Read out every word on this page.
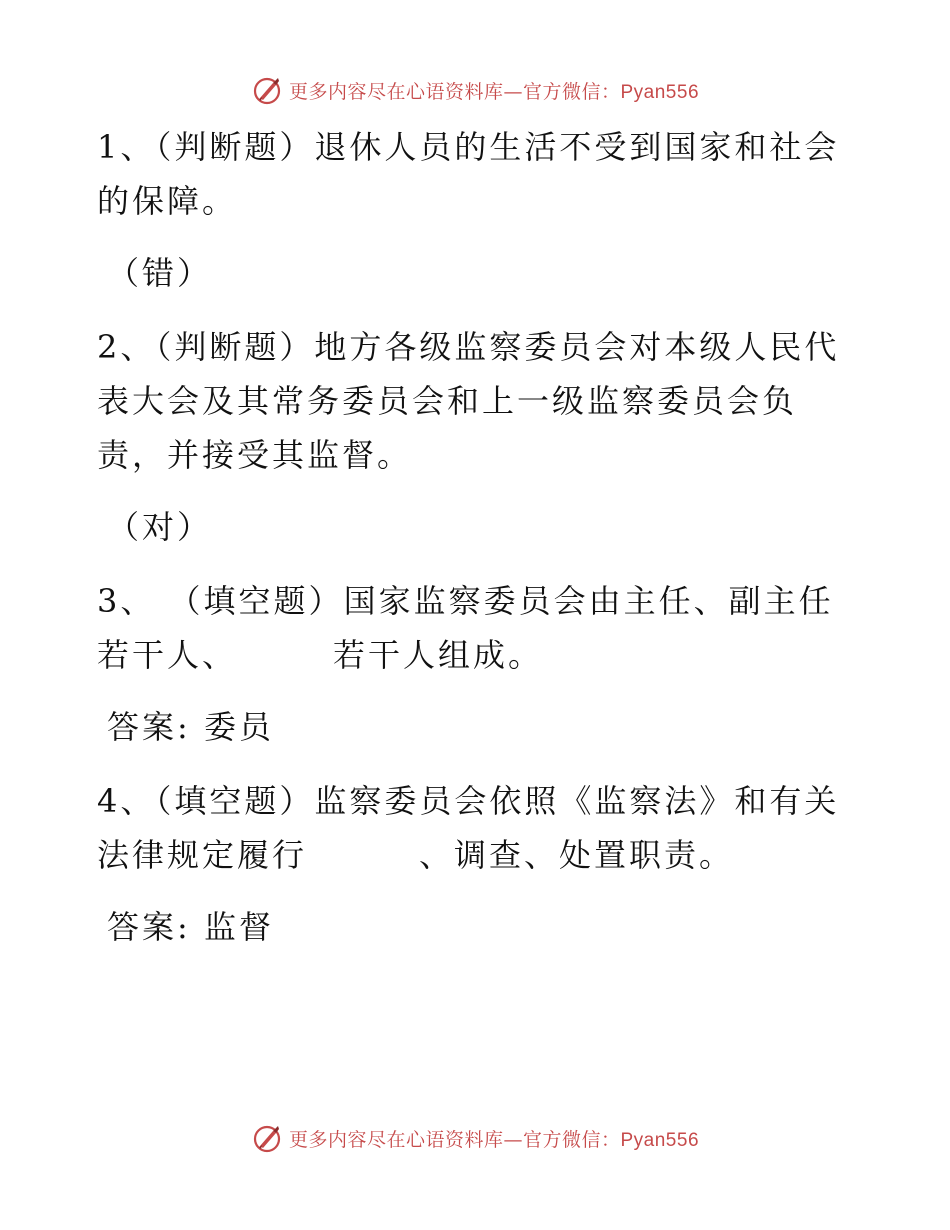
更多内容尽在心语资料库—官方微信：Pyan556

1、（判断题）退休人员的生活不受到国家和社会的保障。

（错）

2、（判断题）地方各级监察委员会对本级人民代表大会及其常务委员会和上一级监察委员会负责，并接受其监督。

（对）

3、 （填空题）国家监察委员会由主任、副主任若干人、	若干人组成。

答案: 委员

4、（填空题）监察委员会依照《监察法》和有关法律规定履行	、调查、处置职责。

答案: 监督

更多内容尽在心语资料库—官方微信：Pyan556
